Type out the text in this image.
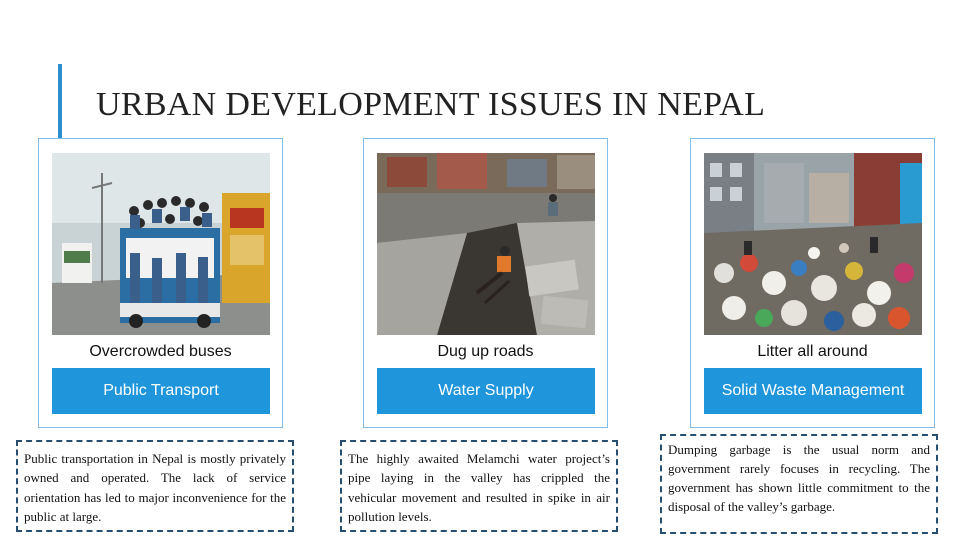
URBAN DEVELOPMENT ISSUES IN NEPAL
Overcrowded buses
Public Transport
Dug up roads
Water Supply
Litter all around
Solid Waste Management
Public transportation in Nepal is mostly privately owned and operated. The lack of service orientation has led to major inconvenience for the public at large.
The highly awaited Melamchi water project’s pipe laying in the valley has crippled the vehicular movement and resulted in spike in air pollution levels.
Dumping garbage is the usual norm and government rarely focuses in recycling. The government has shown little commitment to the disposal of the valley’s garbage.
